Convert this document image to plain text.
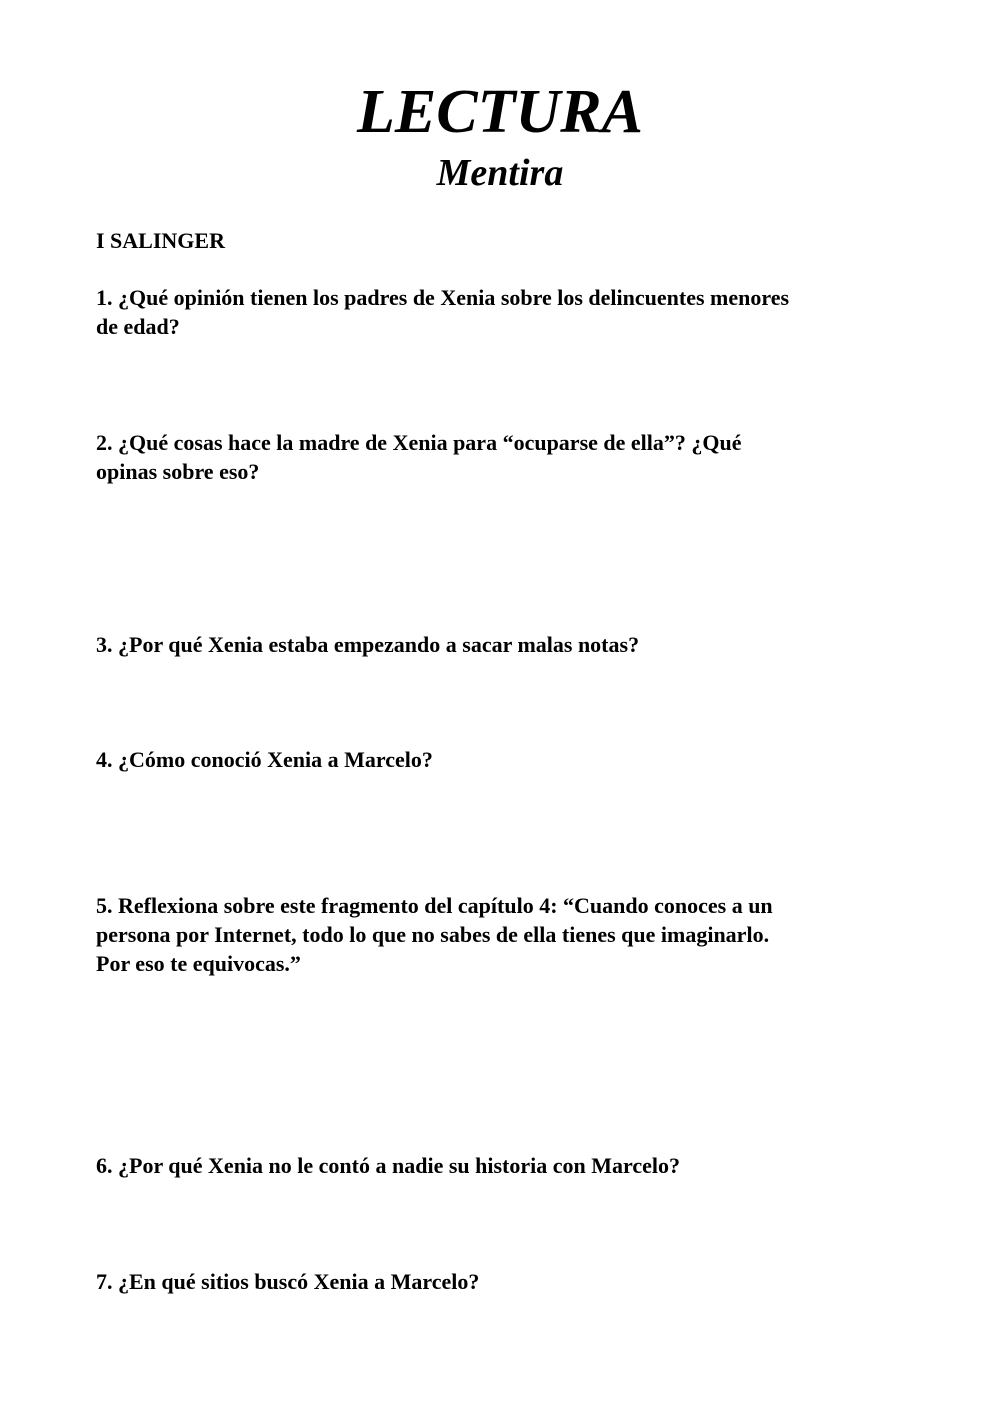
LECTURA
Mentira
I SALINGER
1. ¿Qué opinión tienen los padres de Xenia sobre los delincuentes menores
de edad?
2. ¿Qué cosas hace la madre de Xenia para “ocuparse de ella”? ¿Qué
opinas sobre eso?
3. ¿Por qué Xenia estaba empezando a sacar malas notas?
4. ¿Cómo conoció Xenia a Marcelo?
5. Reflexiona sobre este fragmento del capítulo 4: “Cuando conoces a un
persona por Internet, todo lo que no sabes de ella tienes que imaginarlo.
Por eso te equivocas.”
6. ¿Por qué Xenia no le contó a nadie su historia con Marcelo?
7. ¿En qué sitios buscó Xenia a Marcelo?
